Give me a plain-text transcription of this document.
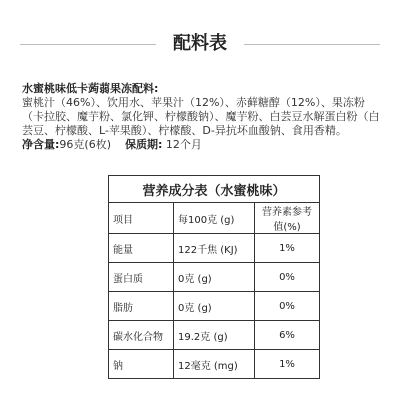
配料表
水蜜桃味低卡蒟蒻果冻配料:
蜜桃汁（46%）、饮用水、苹果汁（12%）、赤藓糖醇（12%）、果冻粉（卡拉胶、魔芋粉、氯化钾、柠檬酸钠）、魔芋粉、白芸豆水解蛋白粉（白芸豆、柠檬酸、L-苹果酸）、柠檬酸、D-异抗坏血酸钠、食用香精。
净含量:96克(6枚) 保质期: 12个月
营养成分表（水蜜桃味）		
项目	每100克 (g)	营养素参考值(%)
能量	122千焦 (KJ)	1%
蛋白质	0克 (g)	0%
脂肪	0克 (g)	0%
碳水化合物	19.2克 (g)	6%
钠	12毫克 (mg)	1%
